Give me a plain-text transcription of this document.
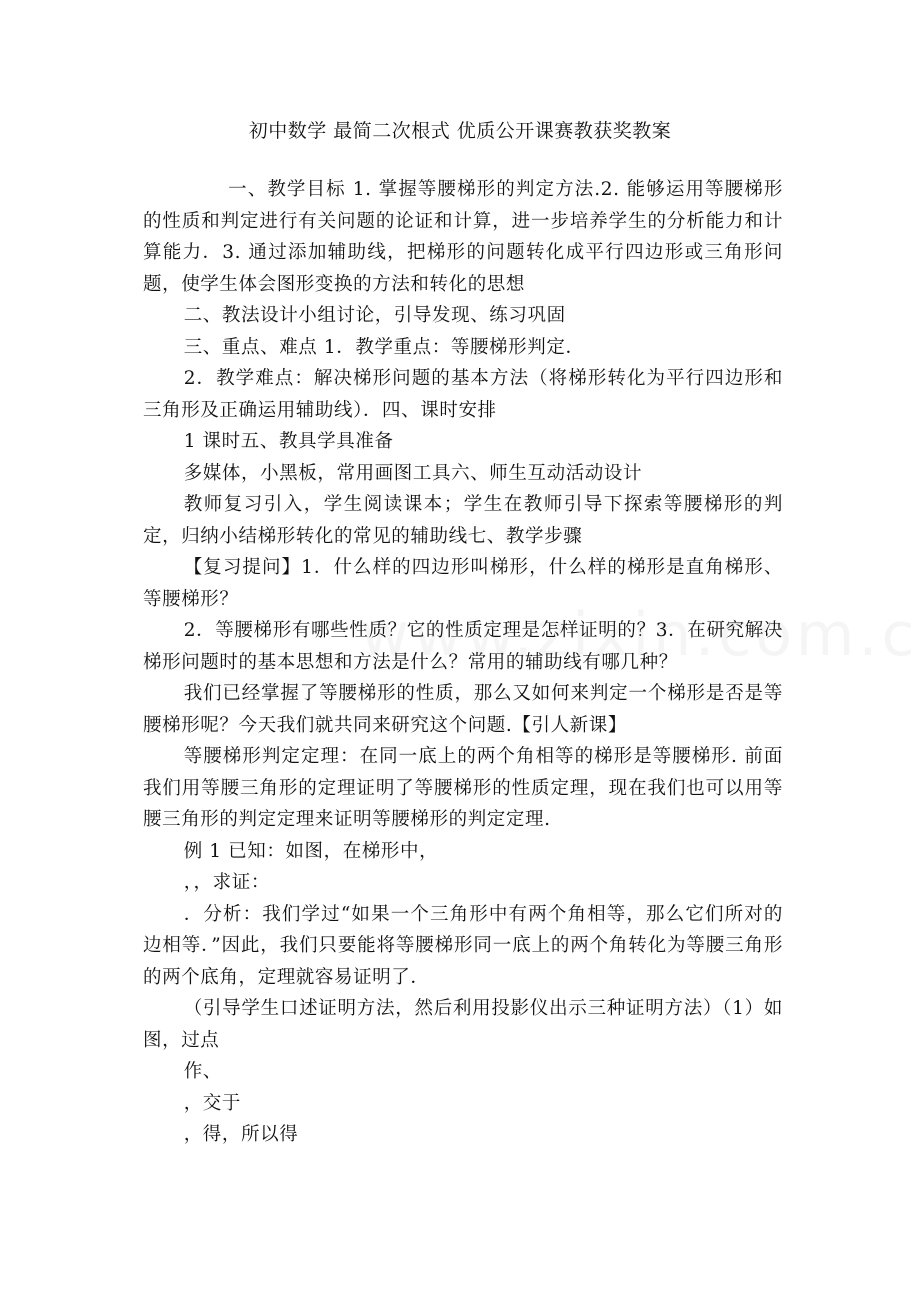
初中数学 最简二次根式 优质公开课赛教获奖教案

一、教学目标 1. 掌握等腰梯形的判定方法.2. 能够运用等腰梯形的性质和判定进行有关问题的论证和计算，进一步培养学生的分析能力和计算能力．3. 通过添加辅助线，把梯形的问题转化成平行四边形或三角形问题，使学生体会图形变换的方法和转化的思想

二、教法设计小组讨论，引导发现、练习巩固

三、重点、难点 1．教学重点：等腰梯形判定．

2．教学难点：解决梯形问题的基本方法（将梯形转化为平行四边形和三角形及正确运用辅助线）．四、课时安排

1 课时五、教具学具准备

多媒体，小黑板，常用画图工具六、师生互动活动设计

教师复习引入，学生阅读课本；学生在教师引导下探索等腰梯形的判定，归纳小结梯形转化的常见的辅助线七、教学步骤

【复习提问】1．什么样的四边形叫梯形，什么样的梯形是直角梯形、等腰梯形？

2．等腰梯形有哪些性质？它的性质定理是怎样证明的？3．在研究解决梯形问题时的基本思想和方法是什么？常用的辅助线有哪几种？

我们已经掌握了等腰梯形的性质，那么又如何来判定一个梯形是否是等腰梯形呢？今天我们就共同来研究这个问题.【引人新课】

等腰梯形判定定理：在同一底上的两个角相等的梯形是等腰梯形. 前面我们用等腰三角形的定理证明了等腰梯形的性质定理，现在我们也可以用等腰三角形的判定定理来证明等腰梯形的判定定理.

例 1 已知：如图，在梯形中，

，，求证：

．分析：我们学过“如果一个三角形中有两个角相等，那么它们所对的边相等．”因此，我们只要能将等腰梯形同一底上的两个角转化为等腰三角形的两个底角，定理就容易证明了．

（引导学生口述证明方法，然后利用投影仪出示三种证明方法）（1）如图，过点

作、

，交于

，得，所以得
